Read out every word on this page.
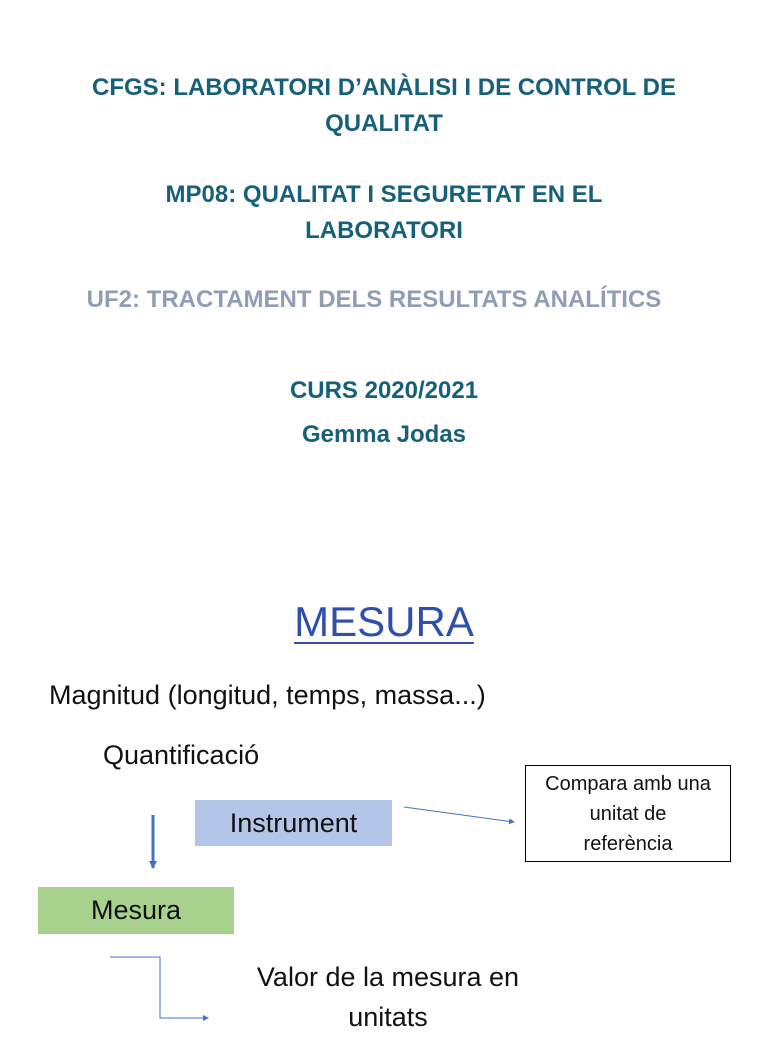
CFGS: LABORATORI D’ANÀLISI I DE CONTROL DE
QUALITAT
MP08: QUALITAT I SEGURETAT EN EL
LABORATORI
UF2: TRACTAMENT DELS RESULTATS ANALÍTICS
CURS 2020/2021
Gemma Jodas
MESURA
Magnitud (longitud, temps, massa...)
Quantificació
Instrument
Compara amb una
unitat de
referència
Mesura
Valor de la mesura en
unitats
